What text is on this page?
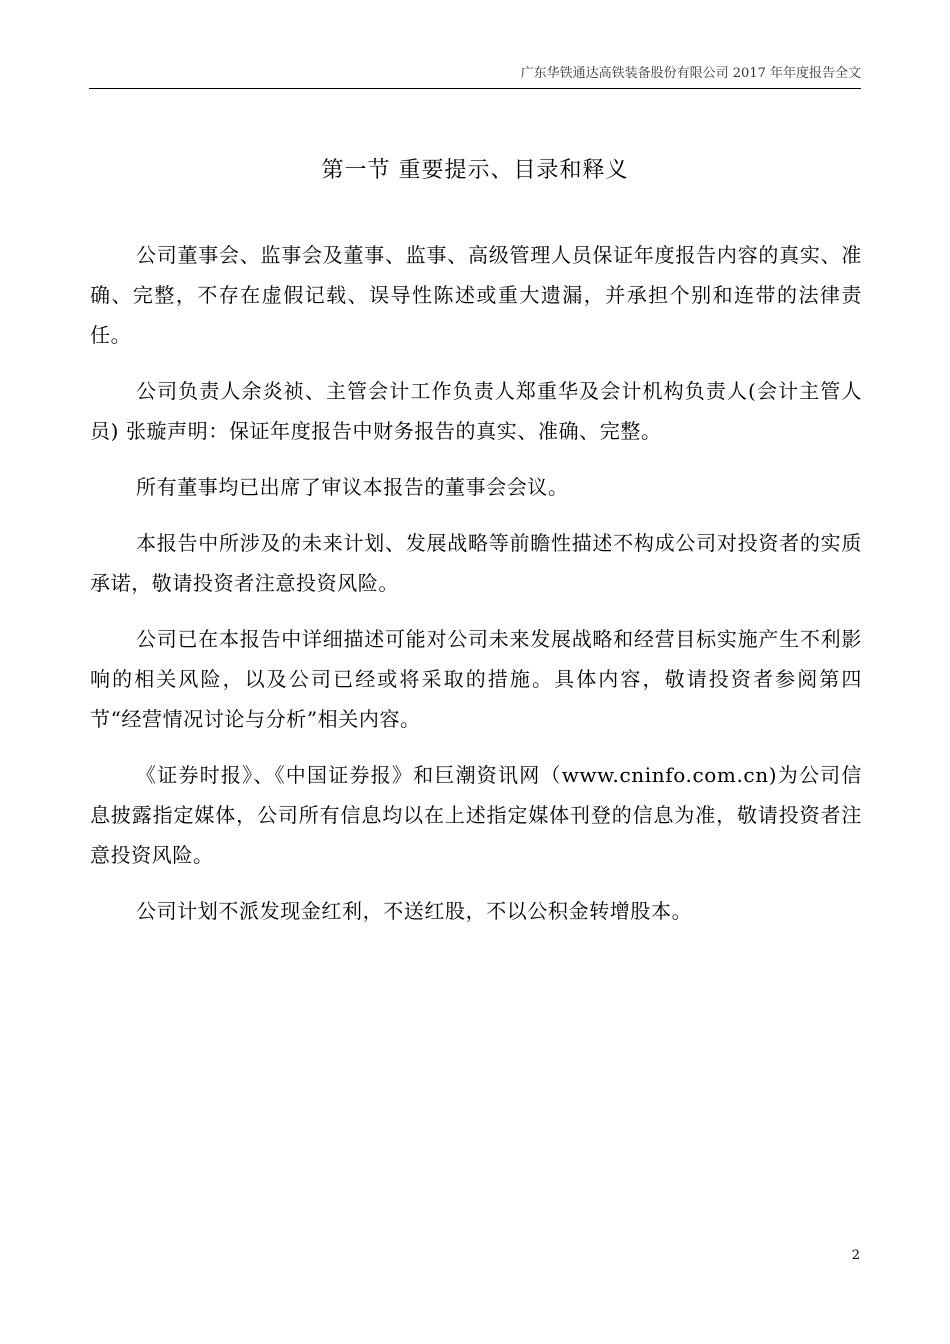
广东华铁通达高铁装备股份有限公司 2017 年年度报告全文
第一节 重要提示、目录和释义

公司董事会、监事会及董事、监事、高级管理人员保证年度报告内容的真实、准确、完整，不存在虚假记载、误导性陈述或重大遗漏，并承担个别和连带的法律责任。

公司负责人余炎祯、主管会计工作负责人郑重华及会计机构负责人(会计主管人员) 张璇声明：保证年度报告中财务报告的真实、准确、完整。

所有董事均已出席了审议本报告的董事会会议。

本报告中所涉及的未来计划、发展战略等前瞻性描述不构成公司对投资者的实质承诺，敬请投资者注意投资风险。

公司已在本报告中详细描述可能对公司未来发展战略和经营目标实施产生不利影响的相关风险，以及公司已经或将采取的措施。具体内容，敬请投资者参阅第四节“经营情况讨论与分析”相关内容。

《证券时报》、《中国证券报》和巨潮资讯网（www.cninfo.com.cn)为公司信息披露指定媒体，公司所有信息均以在上述指定媒体刊登的信息为准，敬请投资者注意投资风险。

公司计划不派发现金红利，不送红股，不以公积金转增股本。

2
